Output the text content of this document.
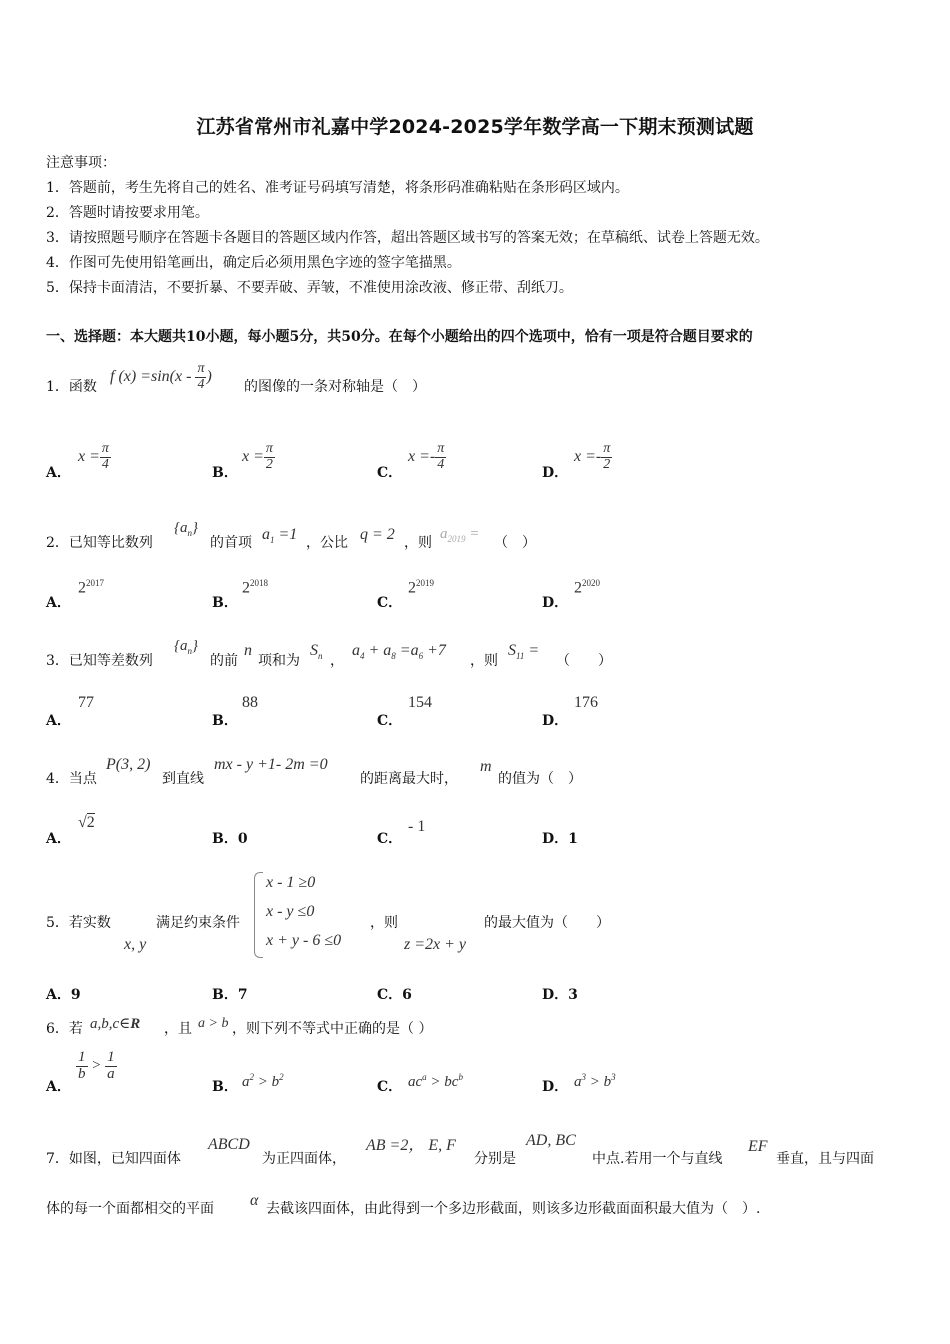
江苏省常州市礼嘉中学2024-2025学年数学高一下期末预测试题
注意事项：
1．答题前，考生先将自己的姓名、准考证号码填写清楚，将条形码准确粘贴在条形码区域内。
2．答题时请按要求用笔。
3．请按照题号顺序在答题卡各题目的答题区域内作答，超出答题区域书写的答案无效；在草稿纸、试卷上答题无效。
4．作图可先使用铅笔画出，确定后必须用黑色字迹的签字笔描黑。
5．保持卡面清洁，不要折暴、不要弄破、弄皱，不准使用涂改液、修正带、刮纸刀。
一、选择题：本大题共10小题，每小题5分，共50分。在每个小题给出的四个选项中，恰有一项是符合题目要求的
1．函数
f $(x) =\sin(x - \frac{\pi}{4}$ )
的图像的一条对称轴是（　）
A．
$x = \frac{\pi}{4}$
B．
$x = \frac{\pi}{2}$
C．
$x =- \frac{\pi}{4}$
D．
$x =- \frac{\pi}{2}$
2．已知等比数列
$\{a_n\}$
的首项 $a_1 =1$ ，公比 q = 2 ，则
$a_{2019}$ =
（　）
A．
$2^{2017}$
B．
$2^{2018}$
C．
$2^{2019}$
D．
$2^{2020}$
3．已知等差数列
$\{a_n\}$
的前
n
项和为
$S_n$ ，
$a_4 + a_8 =a_6 +7$
，则
$S_{11}$ =
（　　）
A．
77
B．
88
C．
154
D．
176
4．当点
P(3, 2)
到直线
mx - y +1- 2m =0
的距离最大时，
m
的值为（　）
A．
√2
B．0	C．
- 1
D．1
5．若实数
x, y
满足约束条件
x - 1 ≥0
x - y ≤0
x + y - 6 ≤0
，则
z =2x + y
的最大值为（　　）
A．9	B．7	C．6	D．3
6．若 a,b,c∈R ，且 a > b ，则下列不等式中正确的是（ ）
A．
$\frac{1}{b} > \frac{1}{a}$
B． $a^2 > b^2$
C． $ac^a > bc^b$
D． $a^3 > b^3$
7．如图，已知四面体
ABCD
为正四面体，
AB =2， E, F
分别是
AD, BC
中点.若用一个与直线
EF
垂直，且与四面
体的每一个面都相交的平面 α 去截该四面体，由此得到一个多边形截面，则该多边形截面面积最大值为（　）.
